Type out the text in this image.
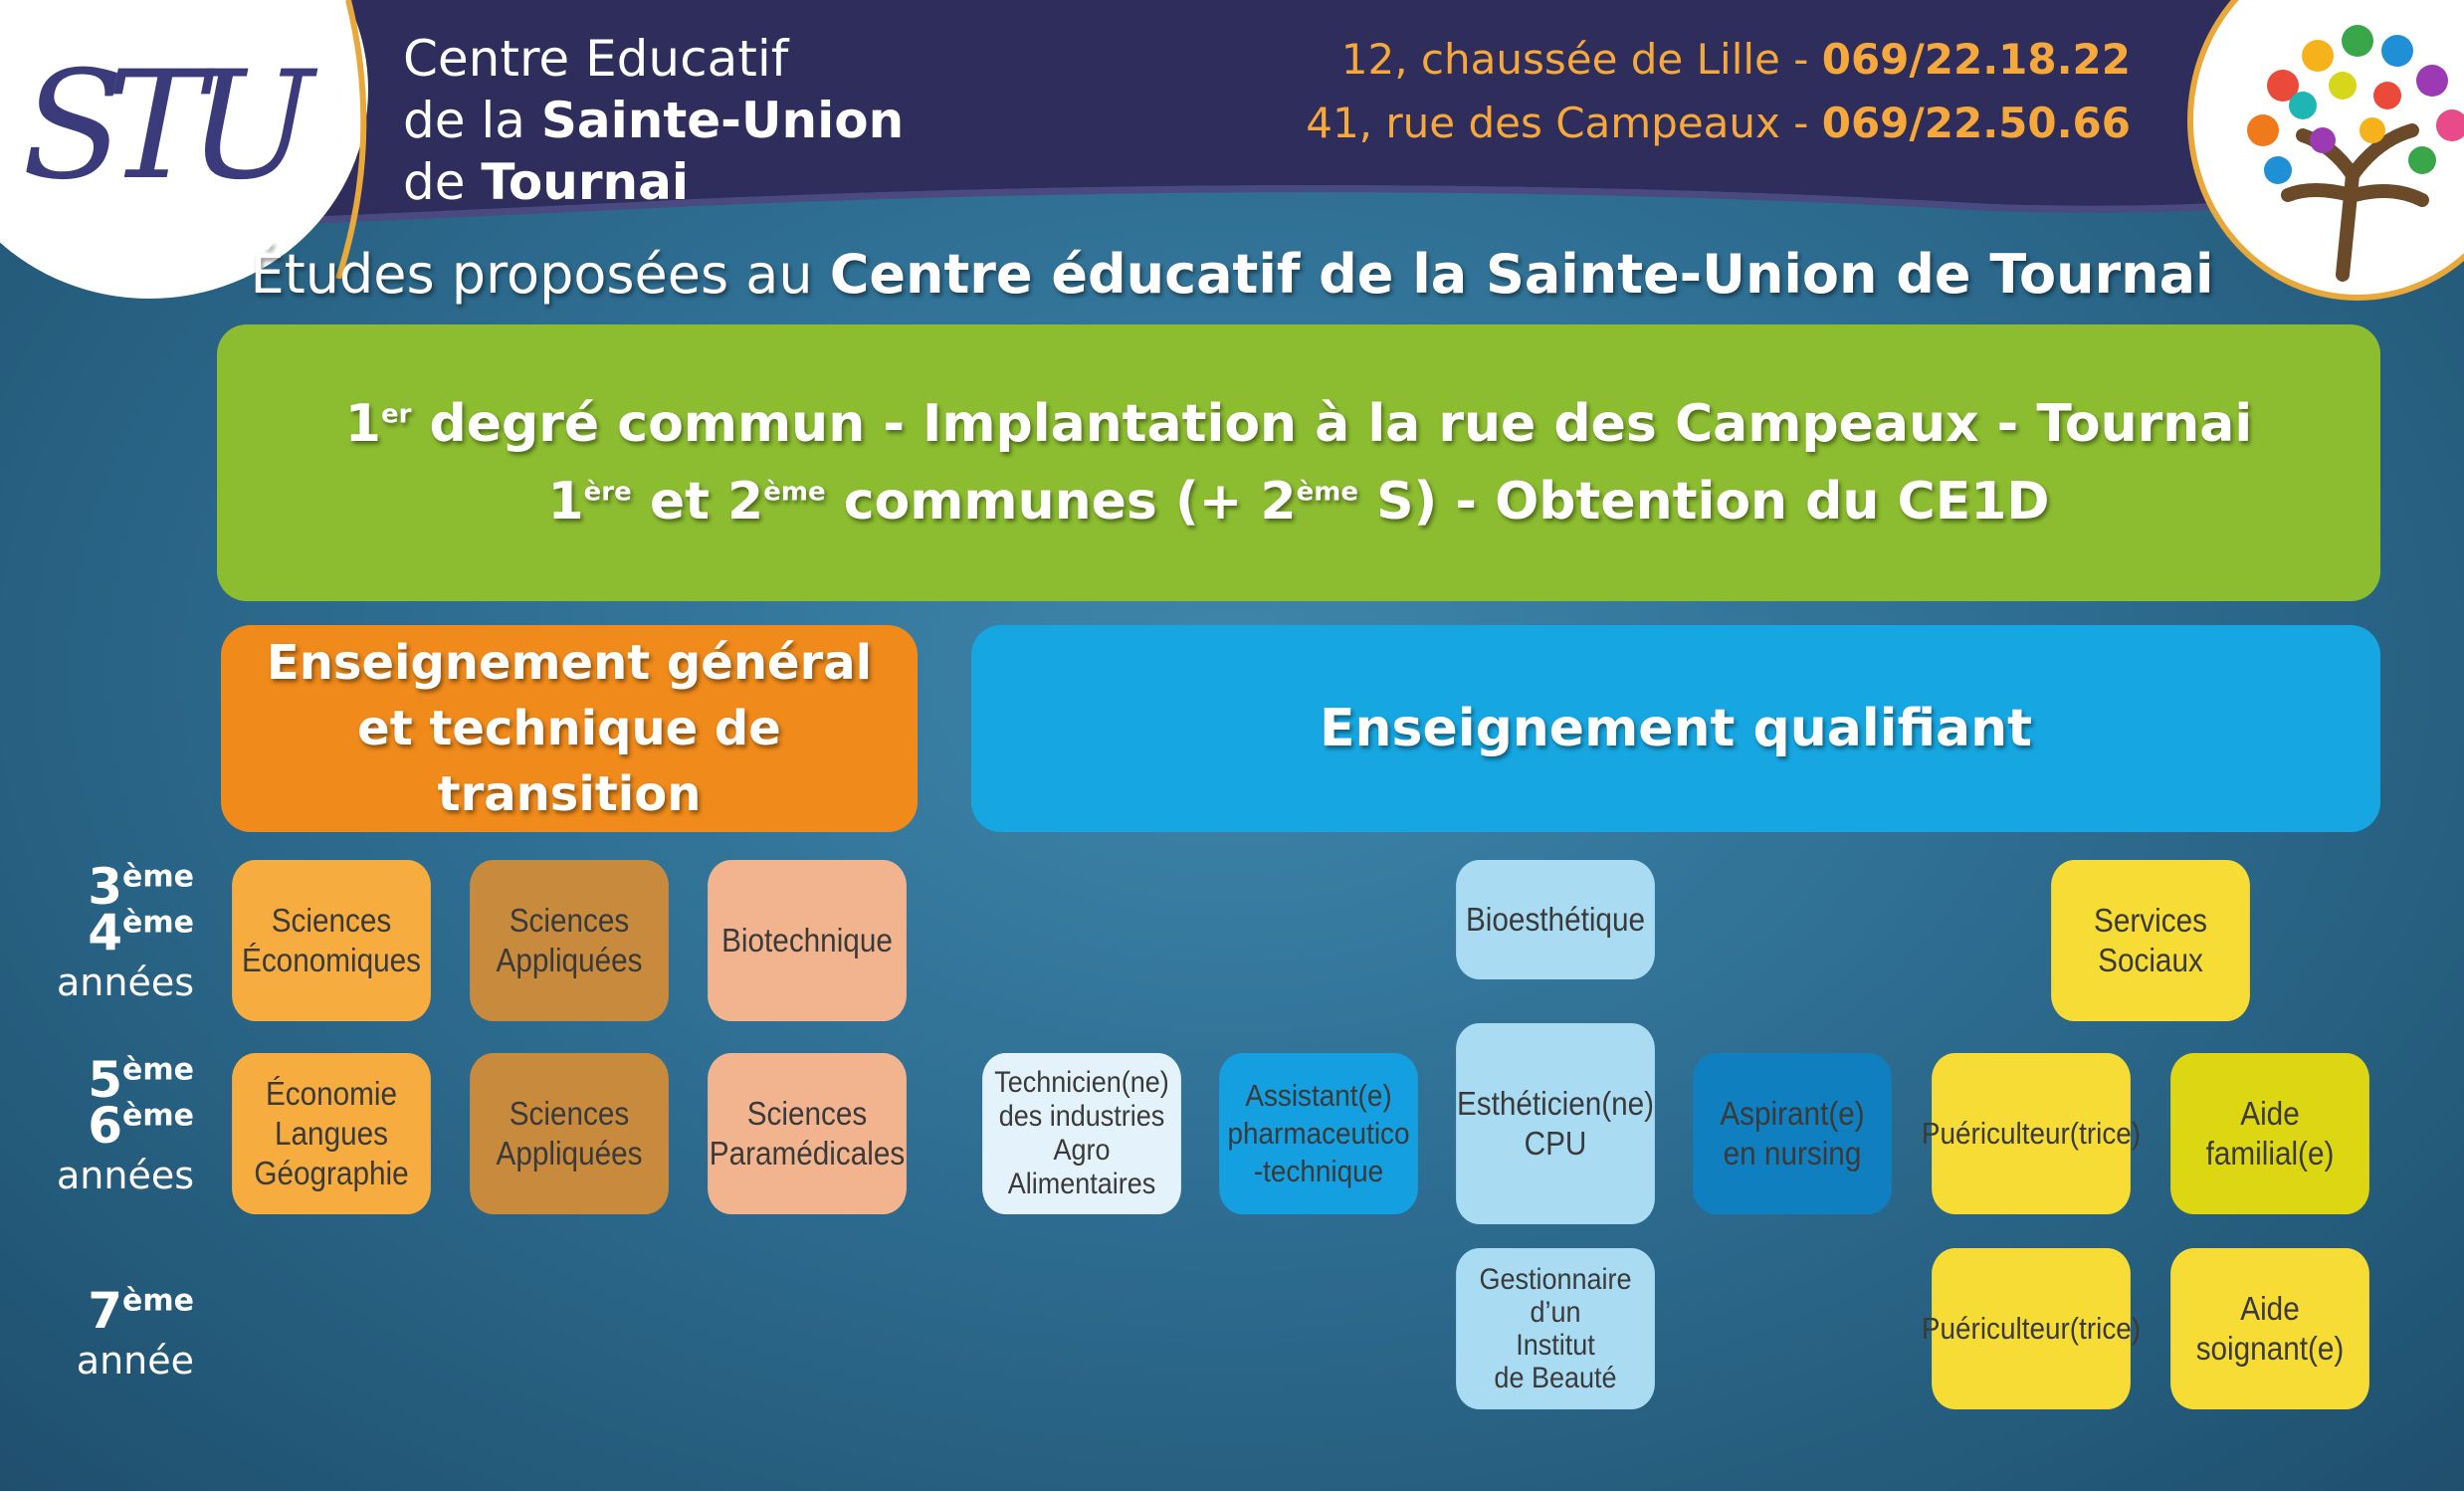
STU Centre Educatif
de la Sainte-Union
de Tournai
12, chaussée de Lille - 069/22.18.22
41, rue des Campeaux - 069/22.50.66
Études proposées au Centre éducatif de la Sainte-Union de Tournai
1er degré commun - Implantation à la rue des Campeaux - Tournai
1ère et 2ème communes (+ 2ème S) - Obtention du CE1D
Enseignement général
et technique de transition
Enseignement qualifiant
3ème
4ème
années
5ème
6ème
années
7ème
année
Sciences
Économiques
Sciences
Appliquées
Biotechnique
Bioesthétique	Services
Sociaux
Économie
Langues
Géographie
Sciences
Appliquées
Sciences
Paramédicales
Technicien(ne)
des industries
Agro
Alimentaires
Assistant(e)
pharmaceutico
-technique
Esthéticien(ne)
CPU
Aspirant(e)
en nursing
Puériculteur(trice)
Aide familial(e)
Gestionnaire
d’un
Institut
de Beauté
Puériculteur(trice)
Aide soignant(e)
